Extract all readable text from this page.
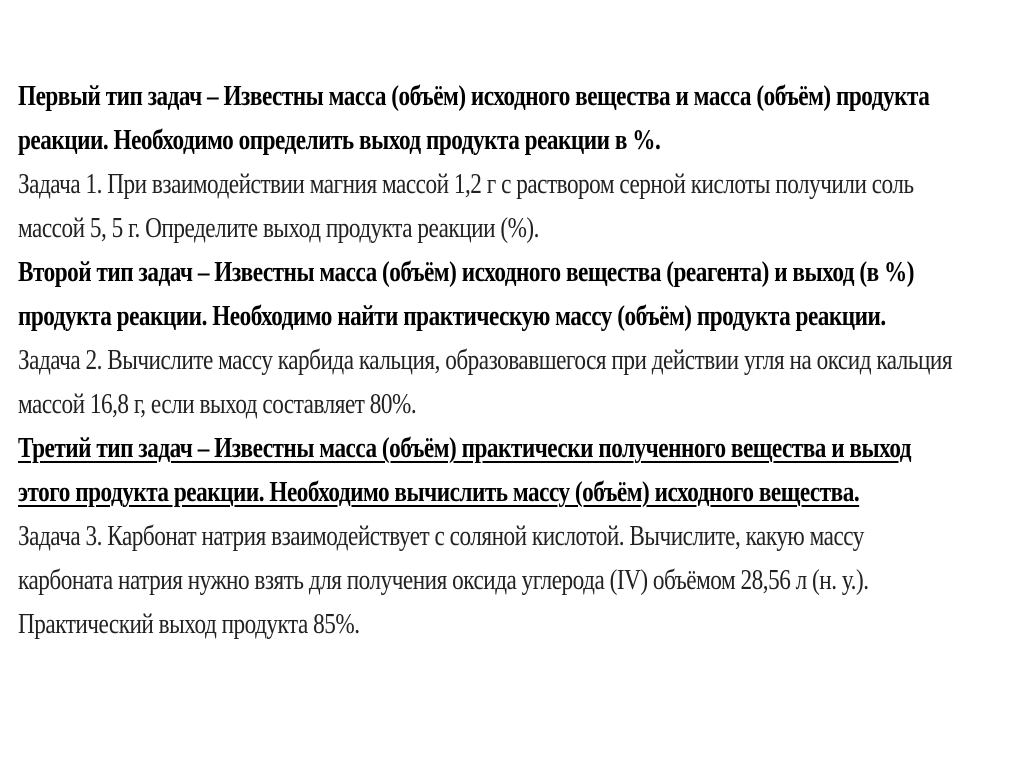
Первый тип задач – Известны масса (объём) исходного вещества и масса (объём) продукта
реакции. Необходимо определить выход продукта реакции в %.
Задача 1. При взаимодействии магния массой 1,2 г с раствором серной кислоты получили соль
массой 5, 5 г. Определите выход продукта реакции (%).
Второй тип задач – Известны масса (объём) исходного вещества (реагента) и выход (в %)
продукта реакции. Необходимо найти практическую массу (объём) продукта реакции.
Задача 2. Вычислите массу карбида кальция, образовавшегося при действии угля на оксид кальция
массой 16,8 г, если выход составляет 80%.
Третий тип задач – Известны масса (объём) практически полученного вещества и выход
этого продукта реакции. Необходимо вычислить массу (объём) исходного вещества.
Задача 3. Карбонат натрия взаимодействует с соляной кислотой. Вычислите, какую массу
карбоната натрия нужно взять для получения оксида углерода (IV) объёмом 28,56 л (н. у.).
Практический выход продукта 85%.
